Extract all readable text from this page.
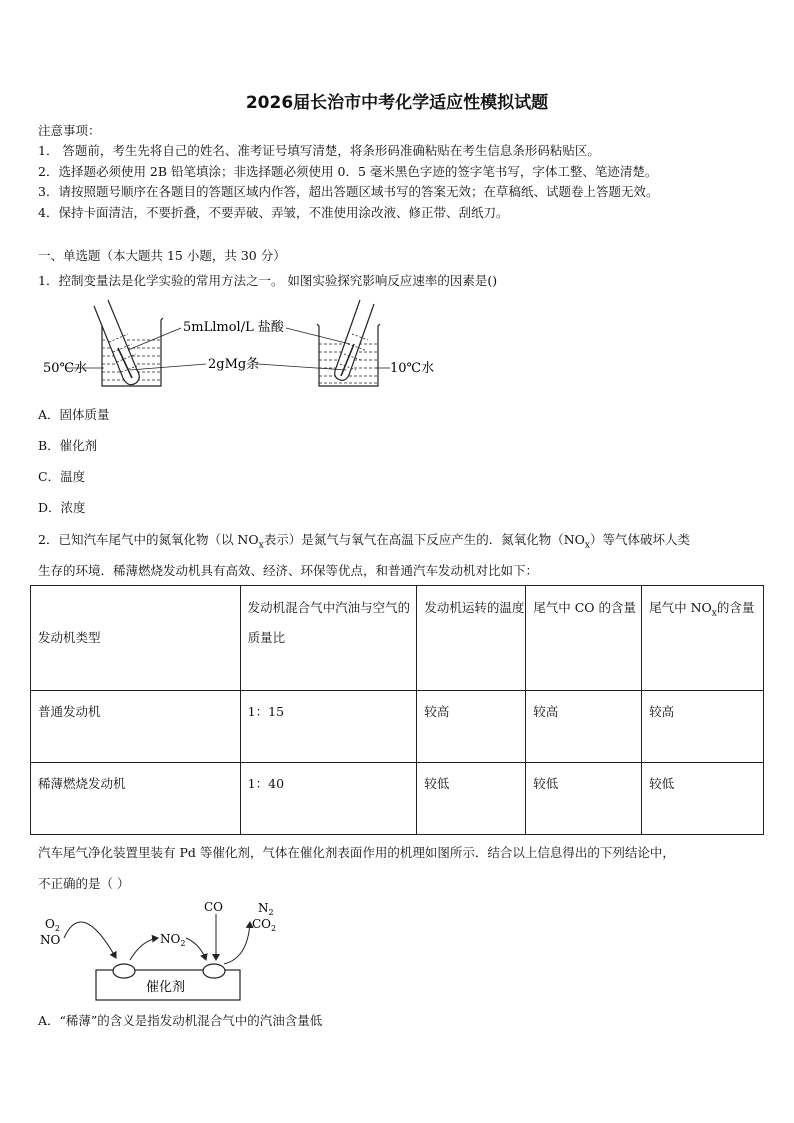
2026届长治市中考化学适应性模拟试题
注意事项：
1． 答题前，考生先将自己的姓名、准考证号填写清楚，将条形码准确粘贴在考生信息条形码粘贴区。
2．选择题必须使用 2B 铅笔填涂；非选择题必须使用 0．5 毫米黑色字迹的签字笔书写，字体工整、笔迹清楚。
3．请按照题号顺序在各题目的答题区域内作答，超出答题区域书写的答案无效；在草稿纸、试题卷上答题无效。
4．保持卡面清洁，不要折叠，不要弄破、弄皱，不准使用涂改液、修正带、刮纸刀。
一、单选题（本大题共 15 小题，共 30 分）
1．控制变量法是化学实验的常用方法之一。 如图实验探究影响反应速率的因素是()
5mLlmol/L 盐酸
2gMg条
50℃水	10℃水
A．固体质量
B．催化剂
C．温度
D．浓度
2．已知汽车尾气中的氮氧化物（以 $NO_x$表示）是氮气与氧气在高温下反应产生的．氮氧化物$(NO_x)$等气体破坏人类
生存的环境．稀薄燃烧发动机具有高效、经济、环保等优点，和普通汽车发动机对比如下：
发动机类型	发动机混合气中汽油与空气的质量比	发动机运转的温度	尾气中 CO 的含量	尾气中 $NO_x$的含量
普通发动机	1：15	较高	较高	较高
稀薄燃烧发动机	1：40	较低	较低	较低
汽车尾气净化装置里装有 Pd 等催化剂，气体在催化剂表面作用的机理如图所示．结合以上信息得出的下列结论中，
不正确的是（ ）
催化剂
$O_2$
NO	$NO_2$
CO	$N_2$
$CO_2$
A．“稀薄”的含义是指发动机混合气中的汽油含量低
